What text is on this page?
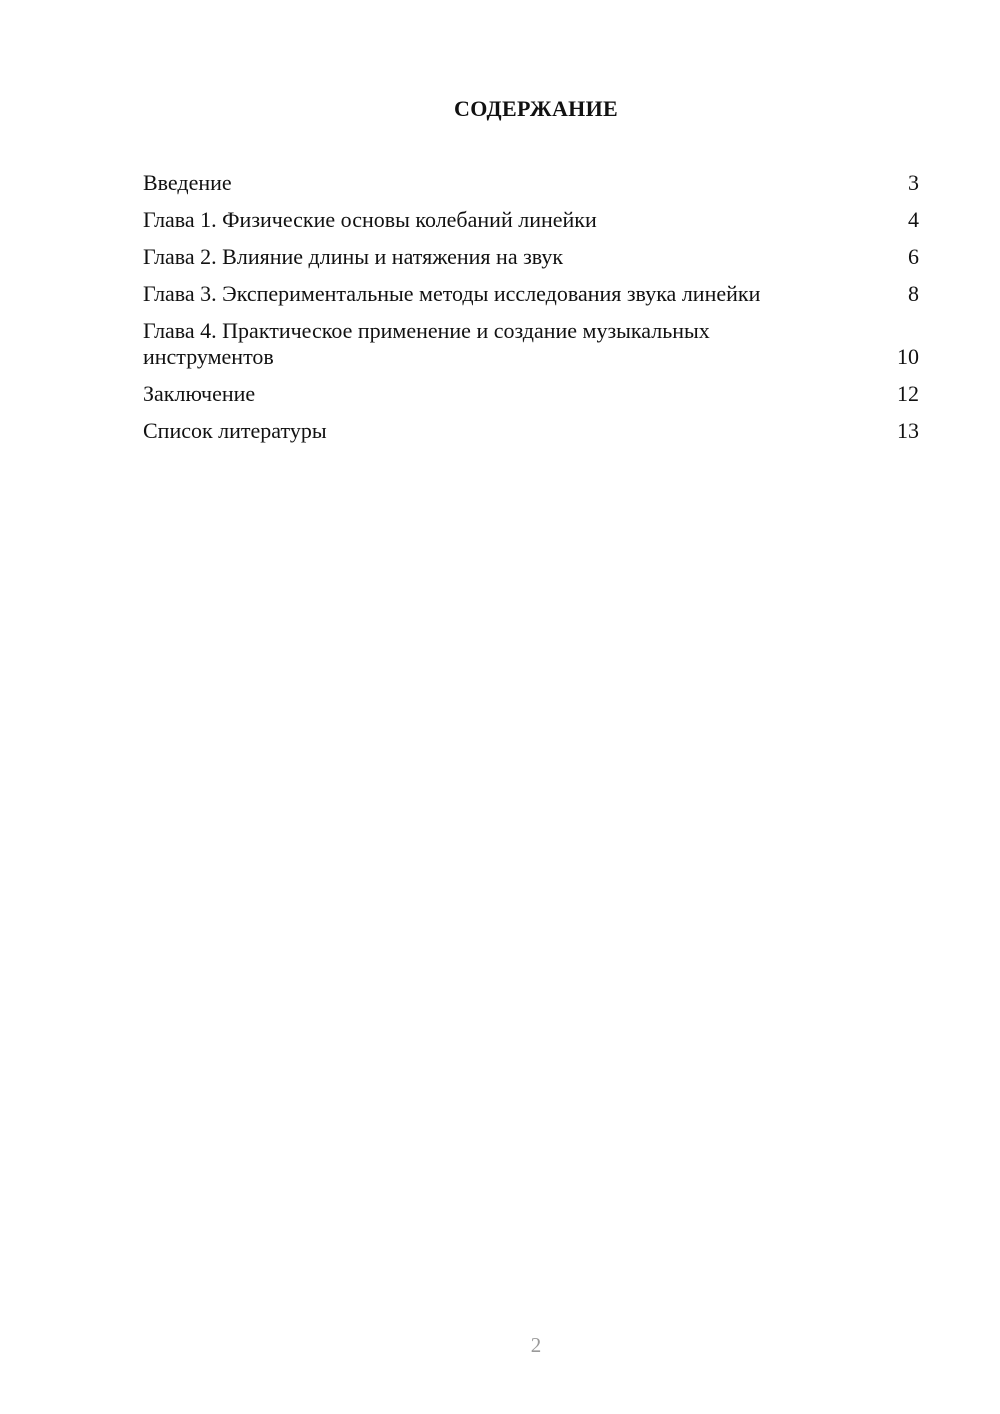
СОДЕРЖАНИЕ
Введение	3
Глава 1. Физические основы колебаний линейки	4
Глава 2. Влияние длины и натяжения на звук	6
Глава 3. Экспериментальные методы исследования звука линейки	8
Глава 4. Практическое применение и создание музыкальных инструментов	10
Заключение	12
Список литературы	13
2
